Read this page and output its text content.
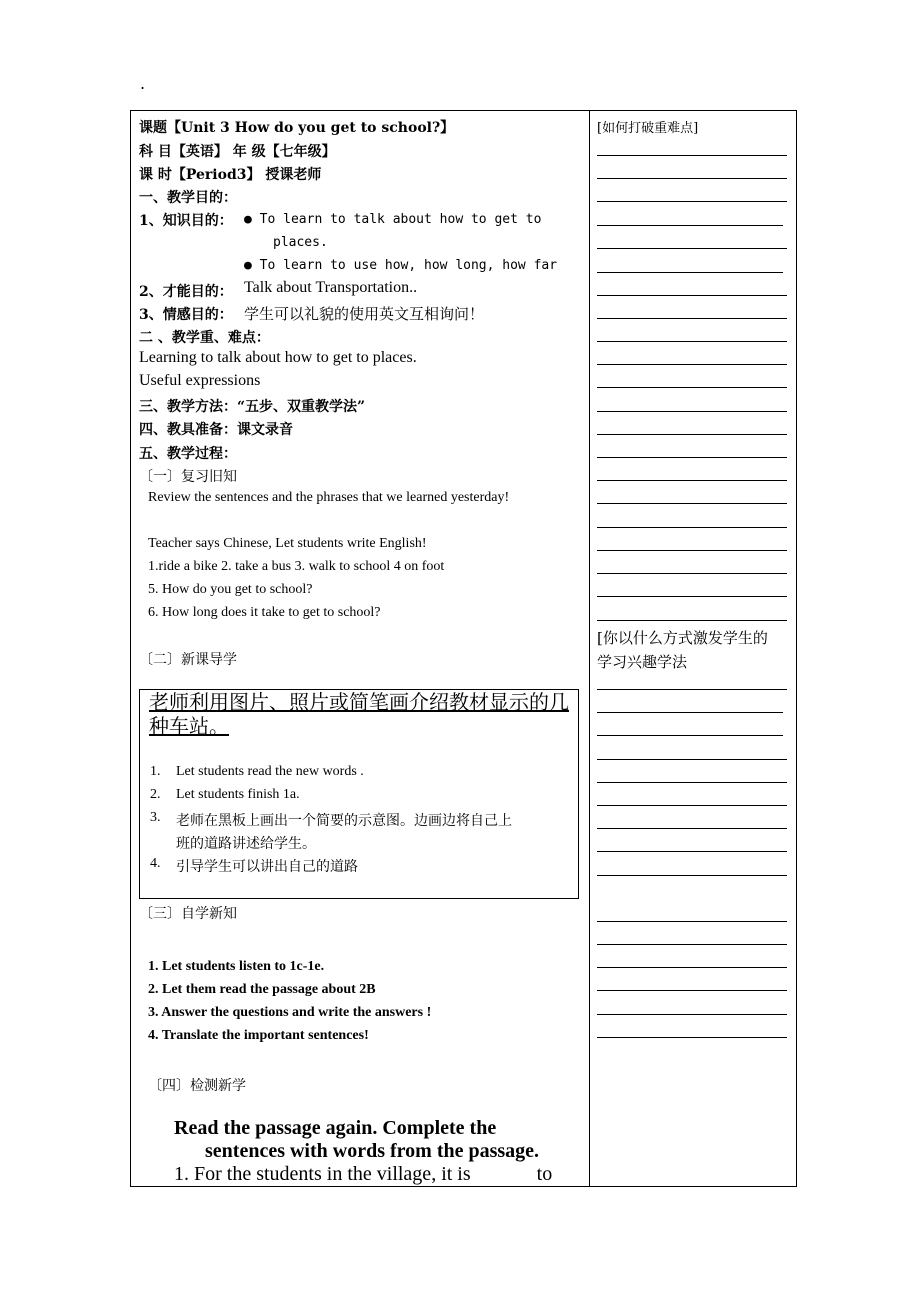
.
课题【Unit 3 How do you get to school?】
科 目【英语】 年 级【七年级】
课 时【Period3】 授课老师
一、教学目的：
1、知识目的： ● To learn to talk about how to get to
places.
● To learn to use how, how long, how far
2、才能目的： Talk about Transportation..
3、情感目的： 学生可以礼貌的使用英文互相询问！
二 、教学重、难点：
Learning to talk about how to get to places.
Useful expressions
三、教学方法：“五步、双重教学法”
四、教具准备：课文录音
五、教学过程：
〔一〕复习旧知
Review the sentences and the phrases that we learned yesterday!
Teacher says Chinese, Let students write English!
1.ride a bike 2. take a bus 3. walk to school 4 on foot
5. How do you get to school?
6. How long does it take to get to school?
〔二〕新课导学
老师利用图片、照片或简笔画介绍教材显示的几种车站。
1. Let students read the new words .
2. Let students finish 1a.
3. 老师在黑板上画出一个简要的示意图。边画边将自己上
班的道路讲述给学生。
4. 引导学生可以讲出自己的道路
〔三〕自学新知
1. Let students listen to 1c-1e.
2. Let them read the passage about 2B
3. Answer the questions and write the answers !
4. Translate the important sentences!
〔四〕检测新学
Read the passage again. Complete the
sentences with words from the passage.
1. For the students in the village, it is	to
[如何打破重难点]
[你以什么方式激发学生的
学习兴趣学法
